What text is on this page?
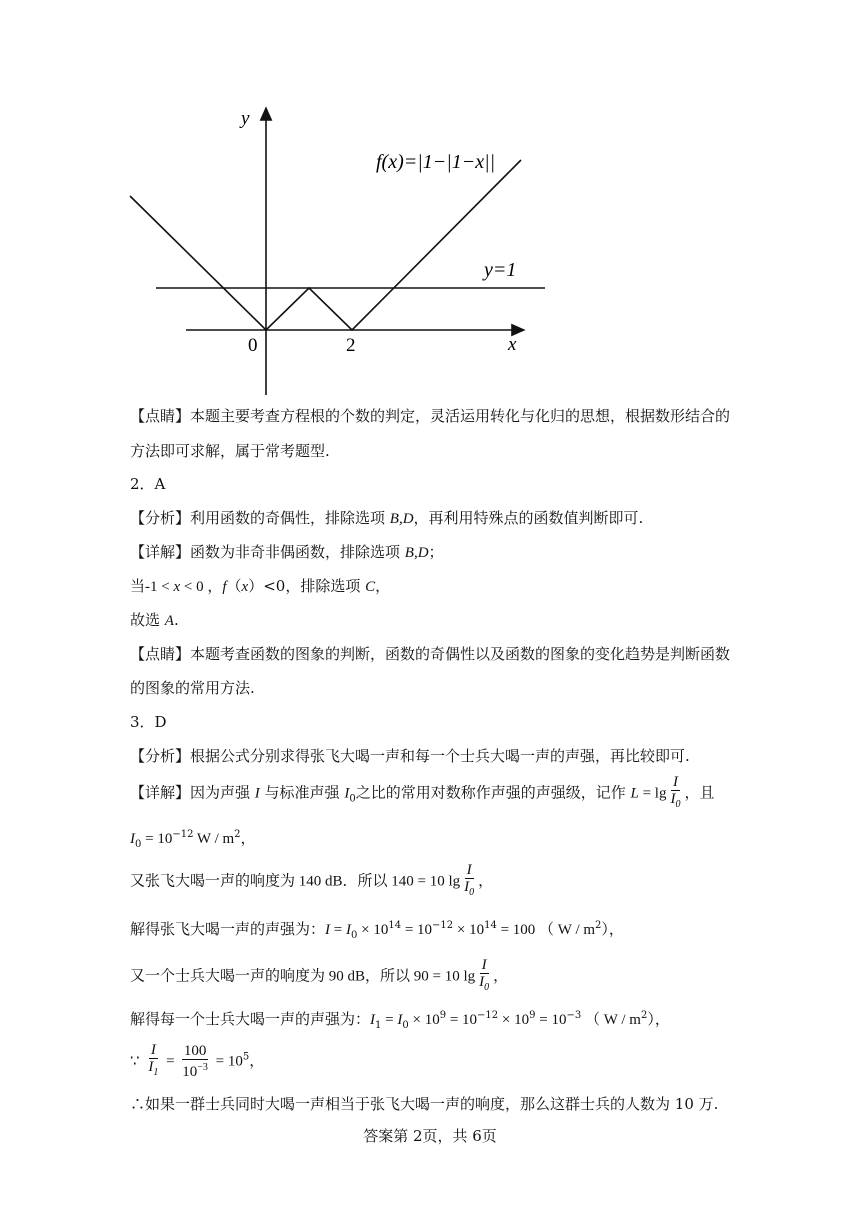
y
x
0	2
f(x)=|1−|1−x||
y=1
【点睛】本题主要考查方程根的个数的判定，灵活运用转化与化归的思想，根据数形结合的
方法即可求解，属于常考题型.
2．A
【分析】利用函数的奇偶性，排除选项 B,D，再利用特殊点的函数值判断即可.
【详解】函数为非奇非偶函数，排除选项 B,D；
当-1 < x < 0 ，f（x）<0，排除选项 C，
故选 A.
【点睛】本题考查函数的图象的判断，函数的奇偶性以及函数的图象的变化趋势是判断函数
的图象的常用方法.
3．D
【分析】根据公式分别求得张飞大喝一声和每一个士兵大喝一声的声强，再比较即可.
【详解】因为声强 I 与标准声强 $I_0$之比的常用对数称作声强的声强级，记作 $L = \lg \frac{I}{I_0}$ ，且
$I_0 = 10^{-12}$ W / $m^2$，
又张飞大喝一声的响度为 140 dB．所以 140 = 10 $\lg \frac{I}{I_0}$ ，
解得张飞大喝一声的声强为：$I = I_0 \times 10^{14} = 10^{-12} \times 10^{14} = 100$ （ W / $m^2$），
又一个士兵大喝一声的响度为 90 dB，所以 90 = 10 $\lg \frac{I}{I_0}$ ，
解得每一个士兵大喝一声的声强为：$I_1 = I_0 \times 10^9 = 10^{-12} \times 10^9 = 10^{-3}$ （ W / $m^2$），
∵ $\frac{I}{I_1} = \frac{100}{10^{-3}} = 10^5$，
∴如果一群士兵同时大喝一声相当于张飞大喝一声的响度，那么这群士兵的人数为 10 万.
答案第 2页，共 6页
